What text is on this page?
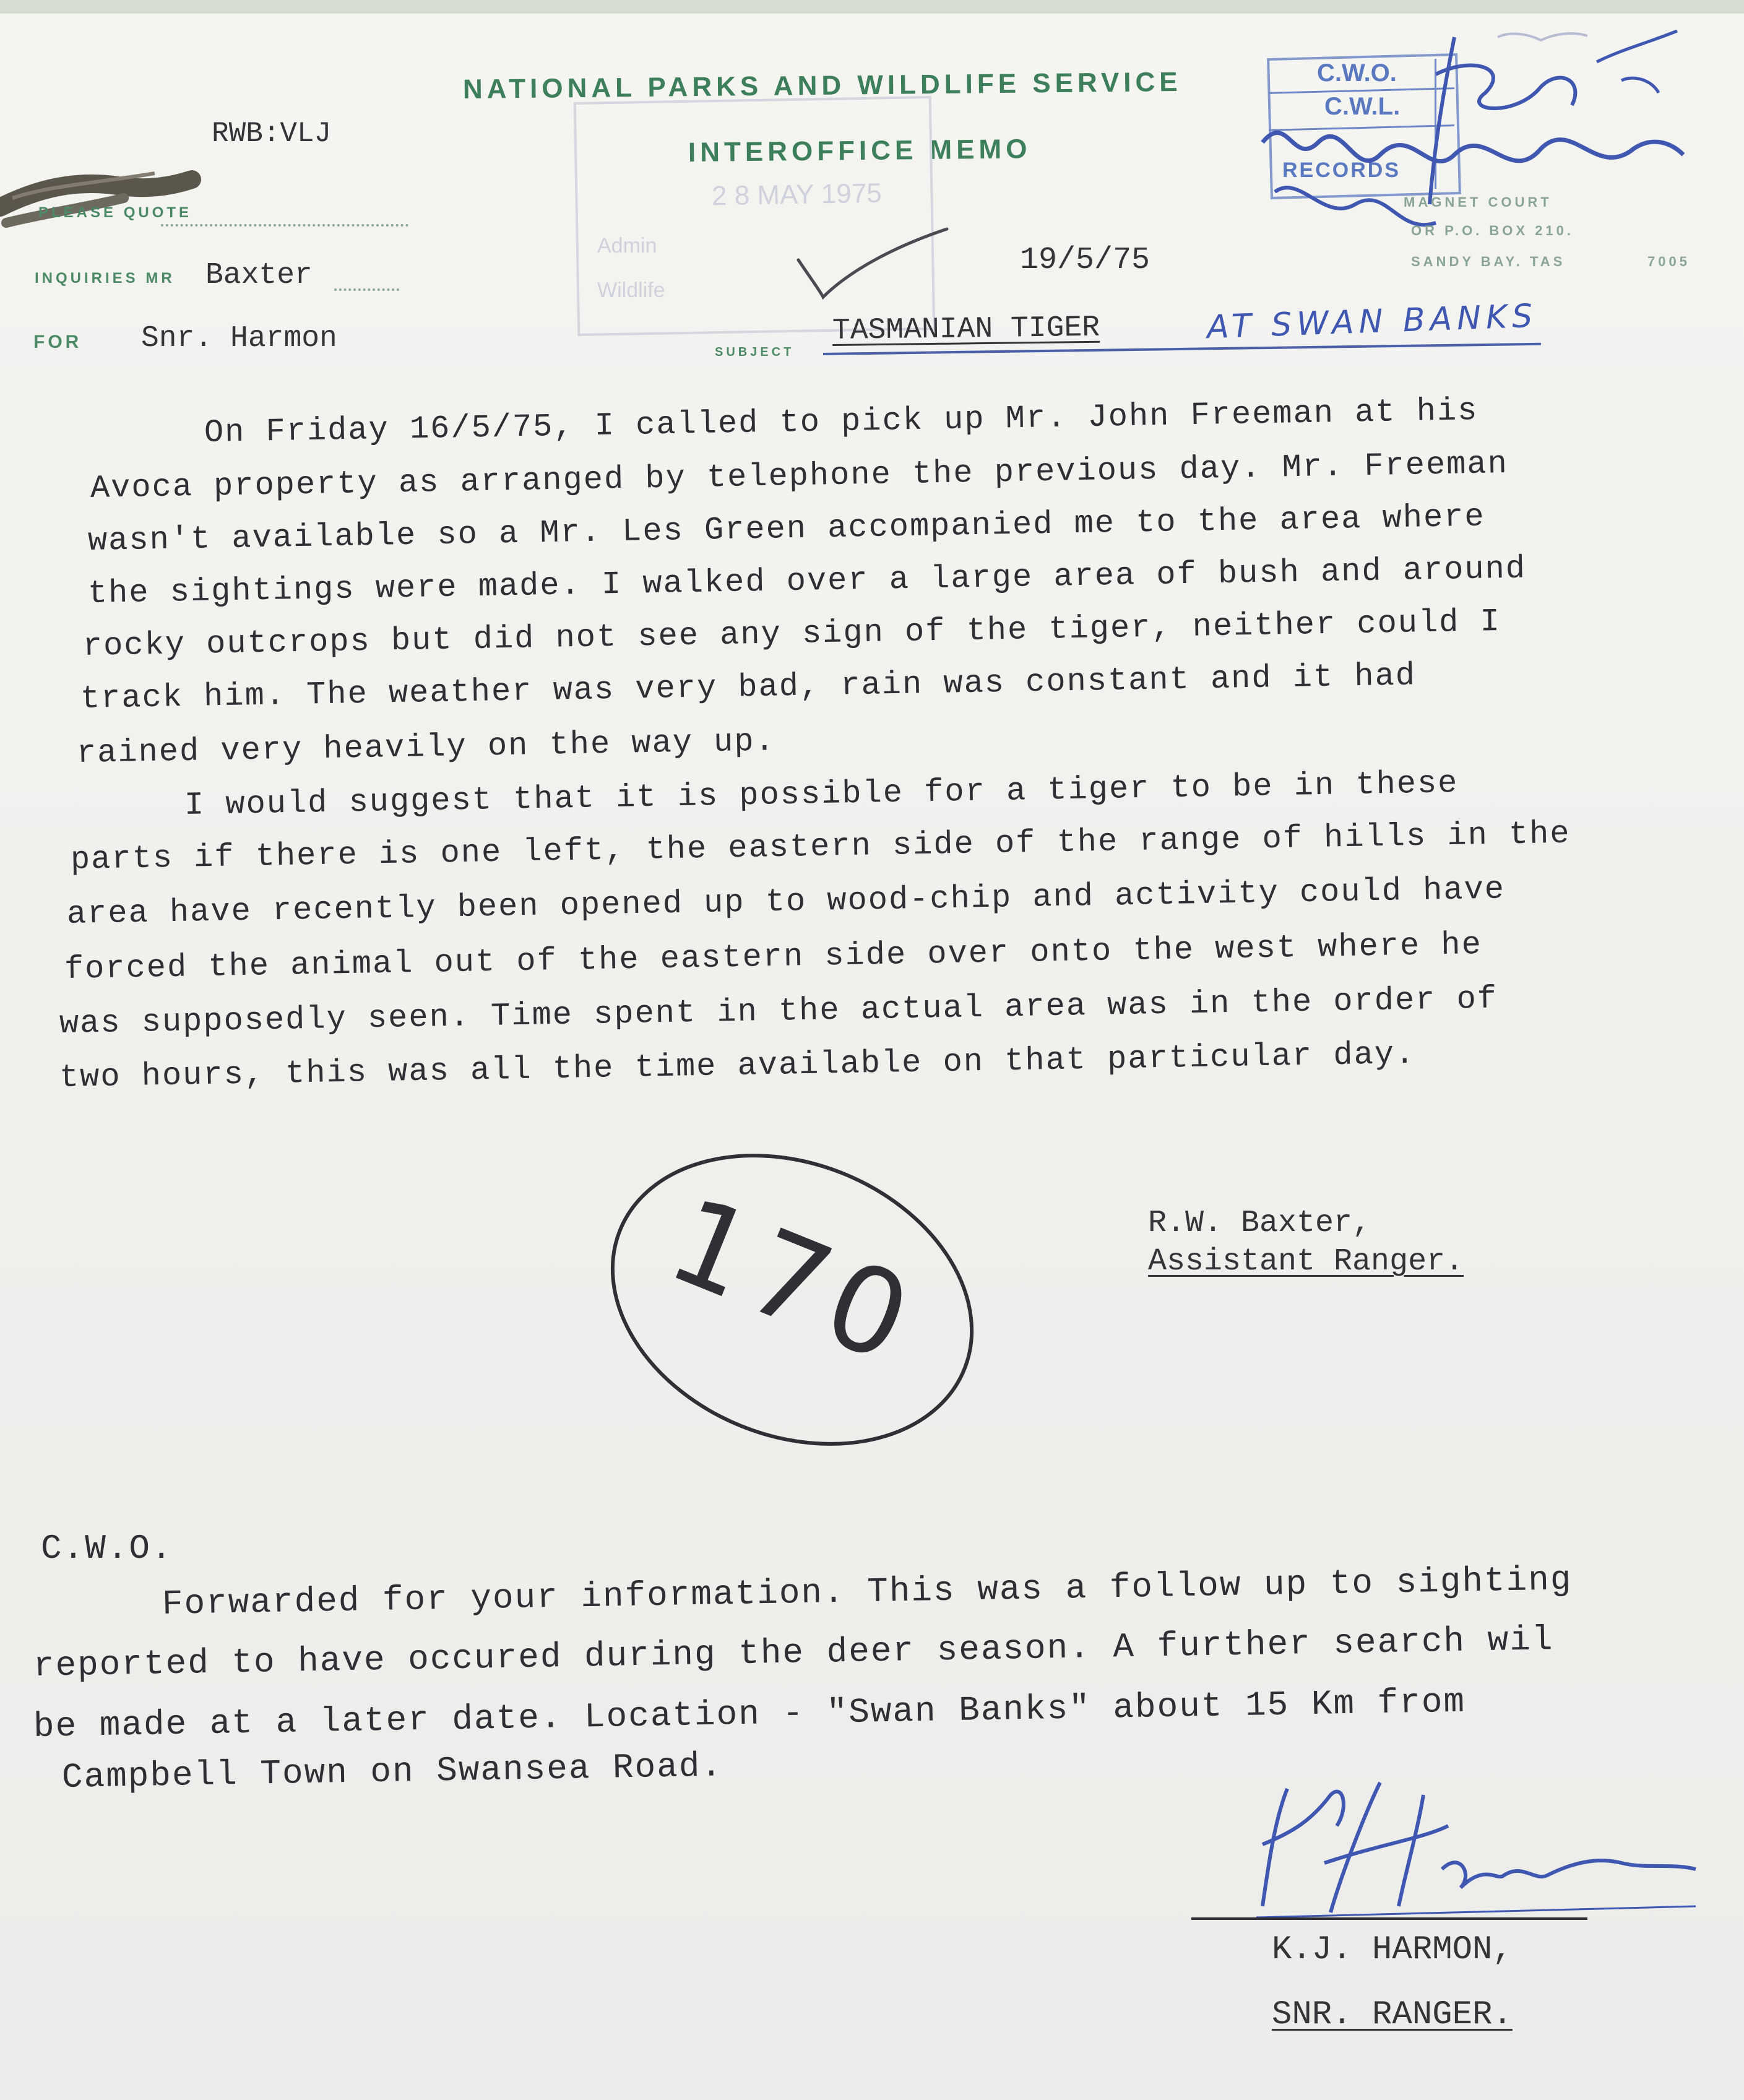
NATIONAL PARKS AND WILDLIFE SERVICE
INTEROFFICE MEMO
2 8 MAY 1975
Admin
Wildlife
RWB:VLJ
PLEASE QUOTE
INQUIRIES MR Baxter
FOR Snr. Harmon	SUBJECT
TASMANIAN TIGER	AT SWAN BANKS
19/5/75
C.W.O.
C.W.L.
RECORDS
MAGNET COURT
OR P.O. BOX 210.
SANDY BAY. TAS	7005
On Friday 16/5/75, I called to pick up Mr. John Freeman at his
Avoca property as arranged by telephone the previous day. Mr. Freeman
wasn't available so a Mr. Les Green accompanied me to the area where
the sightings were made. I walked over a large area of bush and around
rocky outcrops but did not see any sign of the tiger, neither could I
track him. The weather was very bad, rain was constant and it had
rained very heavily on the way up.
I would suggest that it is possible for a tiger to be in these
parts if there is one left, the eastern side of the range of hills in the
area have recently been opened up to wood-chip and activity could have
forced the animal out of the eastern side over onto the west where he
was supposedly seen. Time spent in the actual area was in the order of
two hours, this was all the time available on that particular day.
170	R.W. Baxter,
Assistant Ranger.
C.W.O.
Forwarded for your information. This was a follow up to sighting
reported to have occured during the deer season. A further search wil
be made at a later date. Location - "Swan Banks" about 15 Km from
Campbell Town on Swansea Road.
K.J. HARMON,
SNR. RANGER.
